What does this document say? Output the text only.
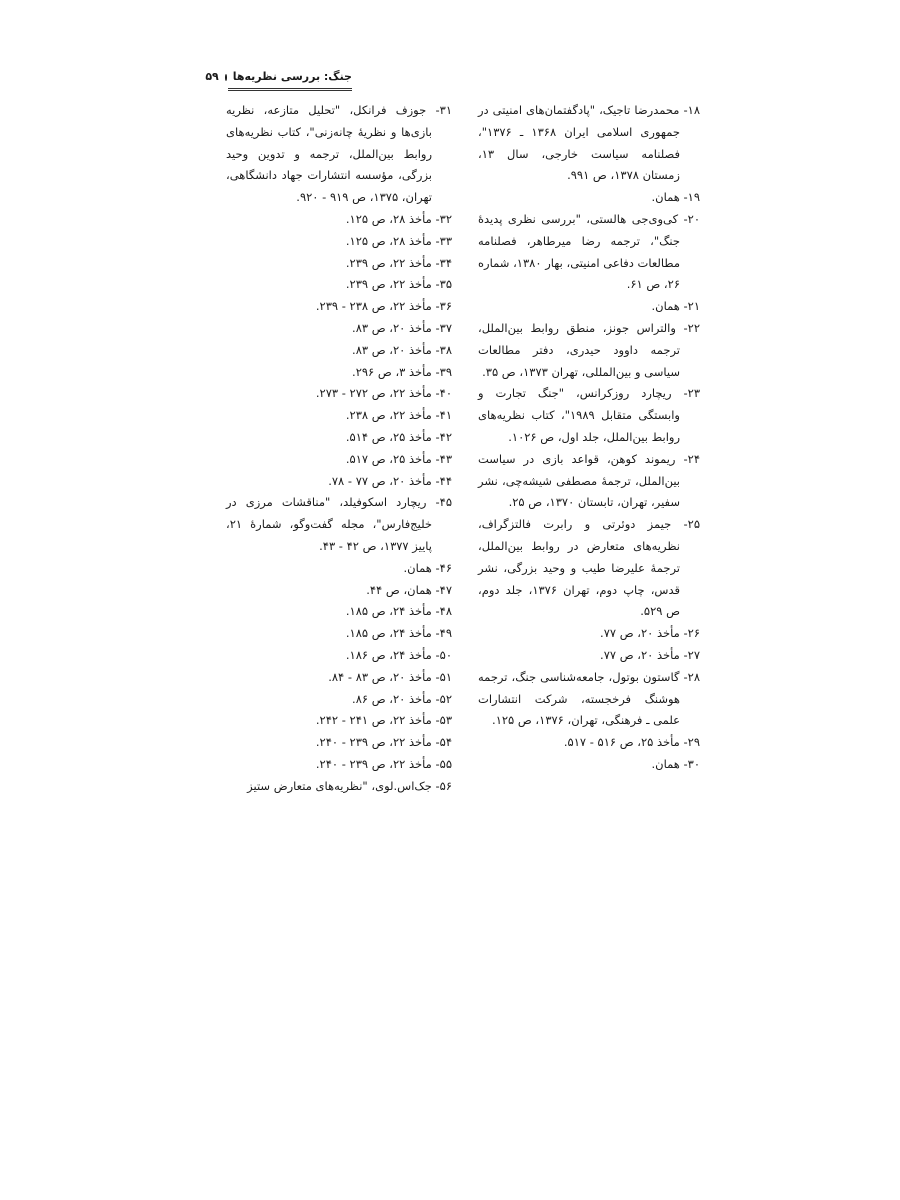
جنگ: بررسی نظریه‌ها
۵۹

۱۸- محمدرضا تاجیک، "پادگفتمان‌های امنیتی در جمهوری اسلامی ایران ۱۳۶۸ ـ ۱۳۷۶"، فصلنامه سیاست خارجی، سال ۱۳، زمستان ۱۳۷۸، ص ۹۹۱.

۱۹- همان.

۲۰- کی‌وی‌جی هالستی، "بررسی نظری پدیدهٔ جنگ"، ترجمه رضا میرطاهر، فصلنامه مطالعات دفاعی امنیتی، بهار ۱۳۸۰، شماره ۲۶، ص ۶۱.

۲۱- همان.

۲۲- والتراس جونز، منطق روابط بین‌الملل، ترجمه داوود حیدری، دفتر مطالعات سیاسی و بین‌المللی، تهران ۱۳۷۳، ص ۳۵.

۲۳- ریچارد روزکرانس، "جنگ تجارت و وابستگی متقابل ۱۹۸۹"، کتاب نظریه‌های روابط بین‌الملل، جلد اول، ص ۱۰۲۶.

۲۴- ریموند کوهن، قواعد بازی در سیاست بین‌الملل، ترجمهٔ مصطفی شیشه‌چی، نشر سفیر، تهران، تابستان ۱۳۷۰، ص ۲۵.

۲۵- جیمز دوئرتی و رابرت فالتزگراف، نظریه‌های متعارض در روابط بین‌الملل، ترجمهٔ علیرضا طیب و وحید بزرگی، نشر قدس، چاپ دوم، تهران ۱۳۷۶، جلد دوم، ص ۵۲۹.

۲۶- مأخذ ۲۰، ص ۷۷.

۲۷- مأخذ ۲۰، ص ۷۷.

۲۸- گاستون بوتول، جامعه‌شناسی جنگ، ترجمه هوشنگ فرخجسته، شرکت انتشارات علمی ـ فرهنگی، تهران، ۱۳۷۶، ص ۱۲۵.

۲۹- مأخذ ۲۵، ص ۵۱۶ - ۵۱۷.

۳۰- همان.

۳۱- جوزف فرانکل، "تحلیل متازعه، نظریه بازی‌ها و نظریهٔ چانه‌زنی"، کتاب نظریه‌های روابط بین‌الملل، ترجمه و تدوین وحید بزرگی، مؤسسه انتشارات جهاد دانشگاهی، تهران، ۱۳۷۵، ص ۹۱۹ - ۹۲۰.

۳۲- مأخذ ۲۸، ص ۱۲۵.

۳۳- مأخذ ۲۸، ص ۱۲۵.

۳۴- مأخذ ۲۲، ص ۲۳۹.

۳۵- مأخذ ۲۲، ص ۲۳۹.

۳۶- مأخذ ۲۲، ص ۲۳۸ - ۲۳۹.

۳۷- مأخذ ۲۰، ص ۸۳.

۳۸- مأخذ ۲۰، ص ۸۳.

۳۹- مأخذ ۳، ص ۲۹۶.

۴۰- مأخذ ۲۲، ص ۲۷۲ - ۲۷۳.

۴۱- مأخذ ۲۲، ص ۲۳۸.

۴۲- مأخذ ۲۵، ص ۵۱۴.

۴۳- مأخذ ۲۵، ص ۵۱۷.

۴۴- مأخذ ۲۰، ص ۷۷ - ۷۸.

۴۵- ریچارد اسکوفیلد، "مناقشات مرزی در خلیج‌فارس"، مجله گفت‌وگو، شمارهٔ ۲۱، پاییز ۱۳۷۷، ص ۴۲ - ۴۳.

۴۶- همان.

۴۷- همان، ص ۴۴.

۴۸- مأخذ ۲۴، ص ۱۸۵.

۴۹- مأخذ ۲۴، ص ۱۸۵.

۵۰- مأخذ ۲۴، ص ۱۸۶.

۵۱- مأخذ ۲۰، ص ۸۳ - ۸۴.

۵۲- مأخذ ۲۰، ص ۸۶.

۵۳- مأخذ ۲۲، ص ۲۴۱ - ۲۴۲.

۵۴- مأخذ ۲۲، ص ۲۳۹ - ۲۴۰.

۵۵- مأخذ ۲۲، ص ۲۳۹ - ۲۴۰.

۵۶- جک‌اس.لوی، "نظریه‌های متعارض ستیز
